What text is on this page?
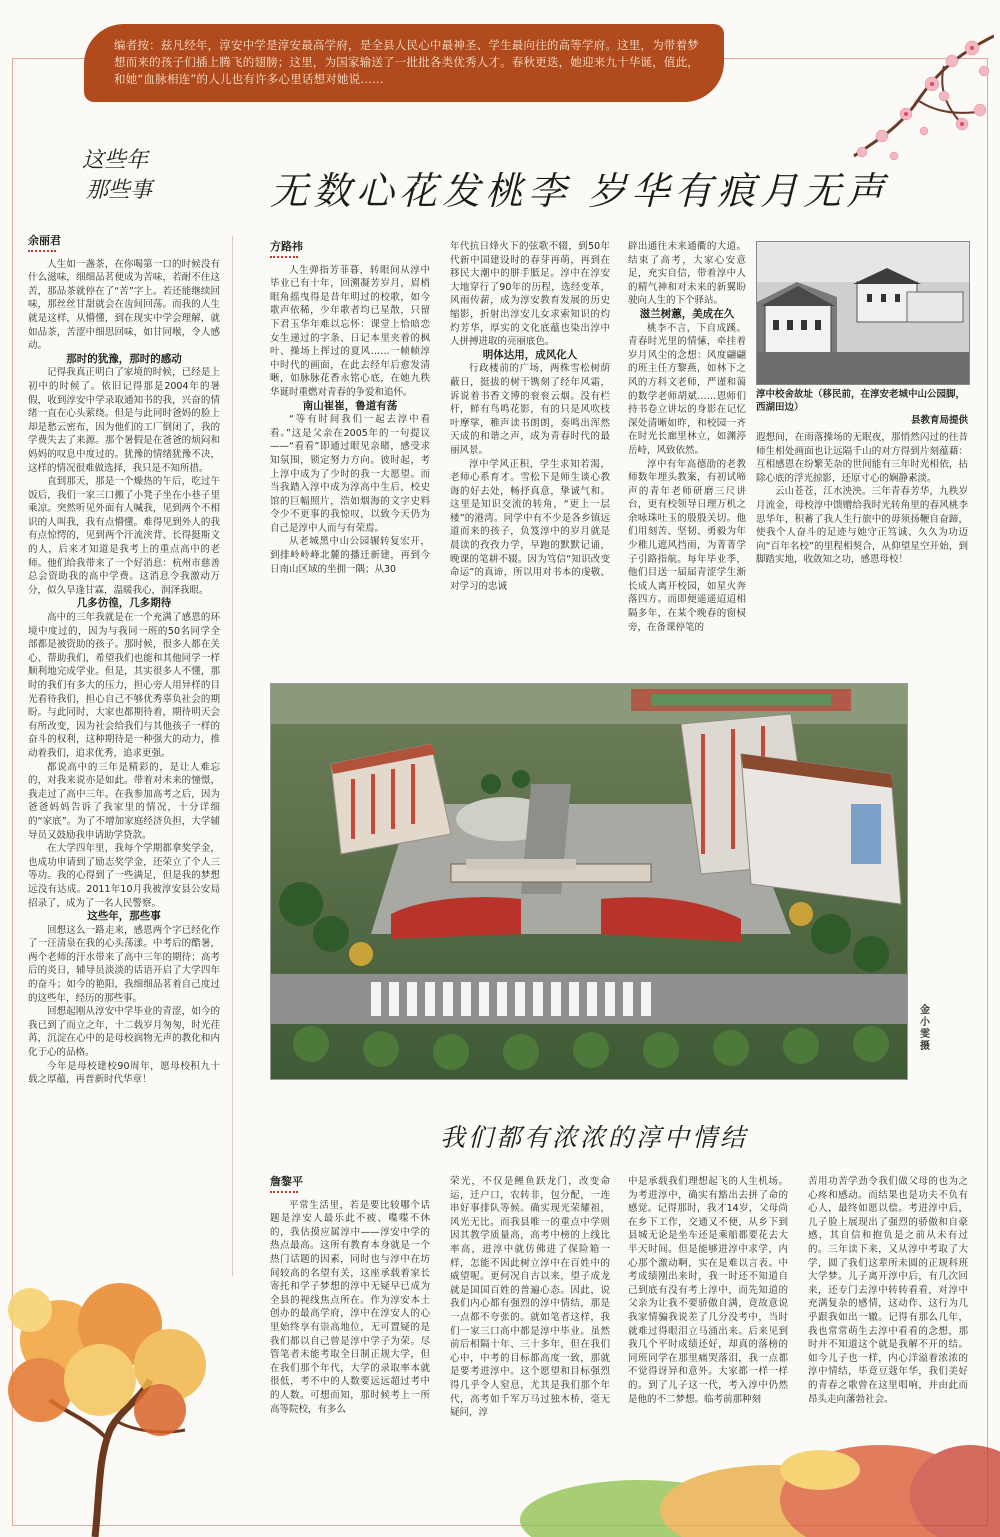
编者按：兹凡经年，淳安中学是淳安最高学府，是全县人民心中最神圣、学生最向往的高等学府。这里，为带着梦想而来的孩子们插上腾飞的翅膀；这里，为国家输送了一批批各类优秀人才。春秋更迭，她迎来九十华诞，值此，和她“血脉相连”的人儿也有许多心里话想对她说……

这些年
那些事	无数心花发桃李 岁华有痕月无声
余丽君

人生如一盏茶，在你喝第一口的时候没有什么滋味，细细品茗便成为苦味，若耐不住这苦，那品茶就停在了“苦”字上。若还能继续回味，那丝丝甘甜就会在齿间回荡。而我的人生就是这样，从懵懂，到在现实中学会理解，就如品茶，苦涩中细思回味，如甘同喉，令人感动。

那时的犹豫，那时的感动

记得我真正明白了家境的时候，已经是上初中的时候了。依旧记得那是2004年的暑假，收到淳安中学录取通知书的我，兴奋的情绪一直在心头萦绕。但是与此同时爸妈的脸上却是愁云密布，因为他们的工厂倒闭了，我的学费失去了来源。那个暑假是在爸爸的烦闷和妈妈的叹息中度过的。犹豫的情绪犹豫不决，这样的情况很难做选择，我只是不知所措。

直到那天，那是一个燥热的午后，吃过午饭后，我们一家三口搬了小凳子坐在小巷子里乘凉。突然听见外面有人喊我，见到两个不相识的人叫我，我有点懵懂。难得见到外人的我有点惊愕的，见到两个汗流浃背、长得挺斯文的人，后来才知道是我考上的重点高中的老师。他们给我带来了一个好消息：杭州市慈善总会资助我的高中学费。这消息令我激动万分，似久旱逢甘霖，温暖我心，润泽我眼。

几多彷徨，几多期待

高中的三年我就是在一个充满了感恩的环境中度过的，因为与我同一班的50名同学全部都是被资助的孩子。那时候，很多人都在关心、帮助我们，希望我们也能和其他同学一样顺利地完成学业。但是，其实很多人不懂，那时的我们有多大的压力，担心旁人用异样的目光看待我们，担心自己不够优秀辜负社会的期盼。与此同时，大家也都期待着，期待明天会有所改变，因为社会给我们与其他孩子一样的奋斗的权利，这种期待是一种强大的动力，推动着我们，追求优秀，追求更强。

都说高中的三年是精彩的，是让人难忘的，对我来说亦是如此。带着对未来的憧憬，我走过了高中三年。在我参加高考之后，因为爸爸妈妈告诉了我家里的情况，十分详细的“家底”。为了不增加家庭经济负担，大学辅导员又鼓励我申请助学贷款。

在大学四年里，我每个学期都拿奖学金，也成功申请到了励志奖学金，还荣立了个人三等功。我的心得到了一些满足，但是我的梦想远没有达成。2011年10月我被淳安县公安局招录了，成为了一名人民警察。

这些年，那些事

回想这么一路走来，感恩两个字已经化作了一汪清泉在我的心头荡漾。中考后的酷暑，两个老师的汗水带来了高中三年的期待；高考后的炎日，辅导员淡淡的话语开启了大学四年的奋斗；如今的艳阳，我细细品茗着自己度过的这些年，经历的那些事。

回想起刚从淳安中学毕业的青涩，如今的我已到了而立之年，十二载岁月匆匆，时光荏苒，沉淀在心中的是母校润物无声的教化和内化于心的品格。

今年是母校建校90周年，愿母校积九十载之厚蕴，再普新时代华章！

方路祎

人生弹指芳菲暮，转眼间从淳中毕业已有十年，回溯凝芳岁月，眉梢眼角摇曳得是昔年明过的校歌，如今歌声依稀，少年歌者均已星散，只留下君玉华年难以忘怀：课堂上恰暗恋女生递过的字条、日记本里夹着的枫叶、操场上挥过的夏风……一帧帧淳中时代的画面，在此去经年后愈发清晰，如脉脉花香永铭心底，在她九秩华诞时重燃对青春的争爱和追怀。

南山崔崔，鲁道有荡

“等有时间我们一起去淳中看看。”这是父亲在2005年的一句提议——“看看”即通过眼见亲睹，感受求知氛围，锁定努力方向。彼时起，考上淳中成为了少时的我一大愿望。而当我踏入淳中成为淳高中生后，校史馆的巨幅照片，浩如烟海的文字史料令少不更事的我惊叹，以致今天仍为自己是淳中人而与有荣焉。

从老城黑中山公园辗转复宏开，到排岭岭峰北麓的播迁新建，再到今日南山区域的坐拥一隅；从30

年代抗日烽火下的弦歌不辍，到50年代新中国建设时的春芽再萌，再到在移民大潮中的胼手胝足。淳中在淳安大地穿行了90年的历程，选经变革，风雨传薪，成为淳安教育发展的历史缩影，折射出淳安儿女求索知识的灼灼芳华，厚实的文化底蕴也染出淳中人拼搏进取的亮丽底色。

明体达用，成风化人

行政楼前的广场，两株雪松树荫蔽日，挺拔的树干镌刻了经年风霜，诉说着书香文博的衮衮云烟。没有栏杆，鲜有鸟鸣花影，有的只是风吹枝叶摩挲，稚声读书朗朗，奏鸣出浑然天成的和谐之声，成为青春时代的最丽风景。

淳中学风正积，学生求知若渴，老师心系育才。雪松下是师生谈心教诲的好去处，畅抒真意，挚诚气和。这里是知识交流的转角，“更上一层楼”的港湾。同学中有不少是各乡镇远道而来的孩子，负笈淳中的岁月就是晨读的孜孜力学，早跑的默默记诵，晚课的笔耕不辍。因为笃信“知识改变命运”的真谛，所以用对书本的虔敬、对学习的忠诚

辟出通往未来通衢的大道。结束了高考，大家心安意足，充实自信，带着淳中人的精气神和对未来的新翼盼驶向人生的下个驿站。

滋兰树蕙，美成在久

桃李不言，下自成蹊。青春时光里的情愫，牵挂着岁月风尘的念想：风度翩翩的班主任方黎燕，如林下之风的方科文老师，严谨和蔼的数学老师胡斌……恩师们持书卷立讲坛的身影在记忆深处清晰如昨，和校园一齐在时光长廊里林立，如渊渟岳峙，风致依然。

淳中有年高德劭的老教师数年埋头教案，有初试啼声的青年老师研磨三尺讲台，更有校领导日理万机之余咏珠吐玉的殷殷关切。他们用刻苦、坚韧、勇毅为年少稚儿遮风挡雨，为菁菁学子引路指航。每年毕业季，他们目送一届届青涩学生渐长成人离开校园，如星火奔落四方。而即便遥遥迢迢相隔多年，在某个晚春的窗棂旁，在备课停笔的

淳中校舍故址（移民前，在淳安老城中山公园脚，西湖田边）
县教育局提供

遐想间，在雨落操场的无眠夜，那悄然闪过的往昔师生相处画面也让远隔千山的对方得到片刻蕴藉：互相感恩在纷繁芜杂的世间能有三年时光相依，拈除心底的浮光掠影，还原寸心的娴静素淡。

云山苍苍，江水泱泱。三年青春芳华，九秩岁月流金，母校淳中馈赠给我时光转角里的春风桃李思华年，积蓄了我人生行旅中的毋须扬鞭自奋蹄，使我个人奋斗的足迹与她守正笃诚、久久为功迈向“百年名校”的里程相契合，从仰望星空开始，到脚踏实地，收敛知之功，感恩母校！

金小雯 摄
我们都有浓浓的淳中情结
詹黎平

平常生活里，若是要比较哪个话题是淳安人最乐此不疲、喋喋不休的，我估摸应属淳中——淳安中学的热点最高。这所有教育本身就是一个热门话题的因素，同时也与淳中在坊间较高的名望有关，这座承载着家长寄托和学子梦想的淳中无疑早已成为全县的视线焦点所在。作为淳安本土创办的最高学府，淳中在淳安人的心里始终享有崇高地位，无可置疑的是我们都以自己曾是淳中学子为荣。尽管笔者未能考取全日制正规大学，但在我们那个年代，大学的录取率本就很低，考不中的人数要远远超过考中的人数。可想而知，那时候考上一所高等院校，有多么

荣光，不仅是鲤鱼跃龙门，改变命运，迁户口，农转非，包分配，一连串好事排队等候。确实现光荣耀祖，风光无比。而我县唯一的重点中学则因其教学质量高，高考中榜的上线比率高，进淳中就仿佛进了保险箱一样，怎能不因此树立淳中在百姓中的威望呢。更何况自古以来，望子成龙就是国国百姓的普遍心态。因此，说我们内心都有强烈的淳中情结，那是一点都不夸张的。就如笔者这样，我们一家三口高中都是淳中毕业。虽然前后相隔十年、三十多年，但在我们心中，中考的目标都高度一致，那就是要考进淳中。这个愿望和目标强烈得几乎令人窒息，尤其是我们那个年代，高考如千军万马过独木桥，毫无疑问，淳

中是承载我们理想起飞的人生机场。为考进淳中，确实有豁出去拼了命的感觉。记得那时，我才14岁，父母尚在乡下工作，交通又不便，从乡下到县城无论是坐车还是乘船都要花去大半天时间。但是能够进淳中求学，内心那个激动啊，实在是难以言表。中考成绩刚出来时，我一时还不知道自己到底有没有考上淳中，而先知道的父亲为让我不要骄傲自满，竟故意说我家情骗我说差了几分没考中，当时就难过得眼泪立马涌出来。后来见到我几个平时成绩还好，却真的落榜的同班同学在那里痛哭落泪，我一点都不觉得讶异和意外。大家都一样一样的。到了儿子这一代，考入淳中仍然是他的不二梦想。临考前那种刻

苦用功苦学劲令我们做父母的也为之心疼和感动。而结果也是功夫不负有心人，最终如愿以偿。考进淳中后，儿子脸上展现出了强烈的骄傲和自豪感，其自信和抱负是之前从未有过的。三年读下来，又从淳中考取了大学，圆了我们这辈所未圆的正规科班大学梦。儿子离开淳中后，有几次回来，还专门去淳中转转看看，对淳中充满复杂的感情，这动作、这行为几乎跟我如出一辙。记得有那么几年，我也常常萌生去淳中看看的念想，那时并不知道这个就是我解不开的结。如今儿子也一样，内心洋溢着浓浓的淳中情结，毕竟豆蔻年华，我们美好的青春之歌曾在这里唱响，并由此而昂头走向藩勃社会。
